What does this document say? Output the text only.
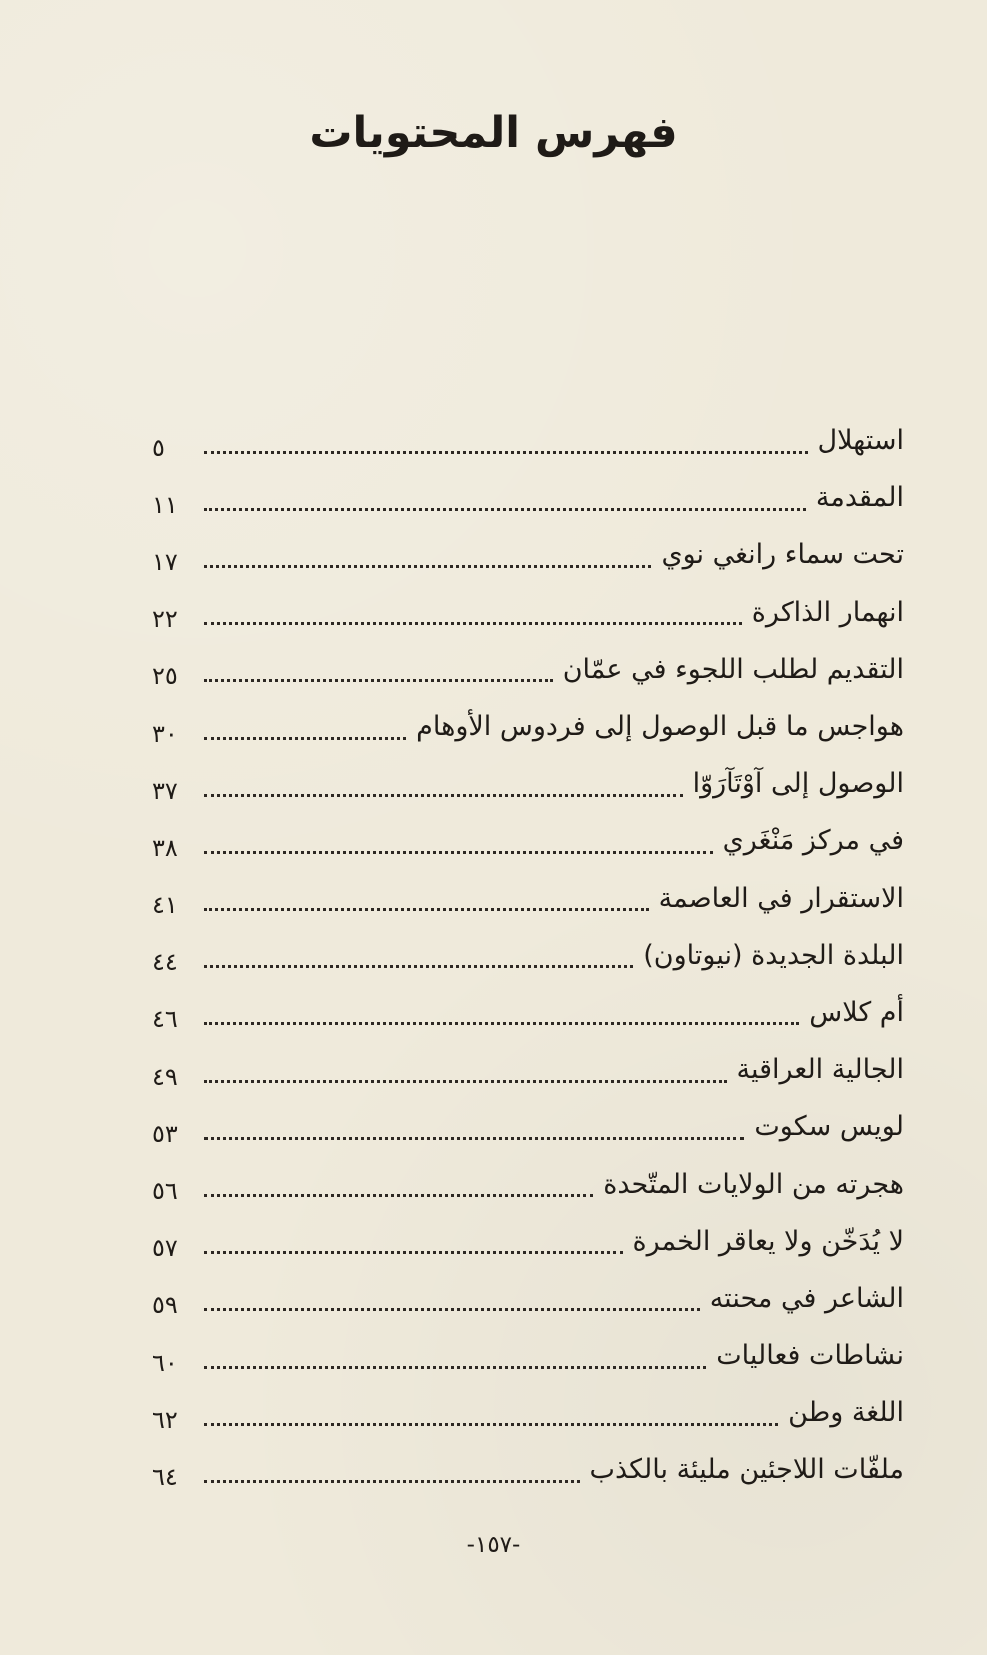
فهرس المحتويات
استهلال
٥
المقدمة
١١
تحت سماء رانغي نوي
١٧
انهمار الذاكرة
٢٢
التقديم لطلب اللجوء في عمّان
٢٥
هواجس ما قبل الوصول إلى فردوس الأوهام
٣٠
الوصول إلى آوْتَآرَوّا
٣٧
في مركز مَنْغَري
٣٨
الاستقرار في العاصمة
٤١
البلدة الجديدة (نيوتاون)
٤٤
أم كلاس
٤٦
الجالية العراقية
٤٩
لويس سكوت
٥٣
هجرته من الولايات المتّحدة
٥٦
لا يُدَخّن ولا يعاقر الخمرة
٥٧
الشاعر في محنته
٥٩
نشاطات فعاليات
٦٠
اللغة وطن
٦٢
ملفّات اللاجئين مليئة بالكذب
٦٤
-١٥٧-
